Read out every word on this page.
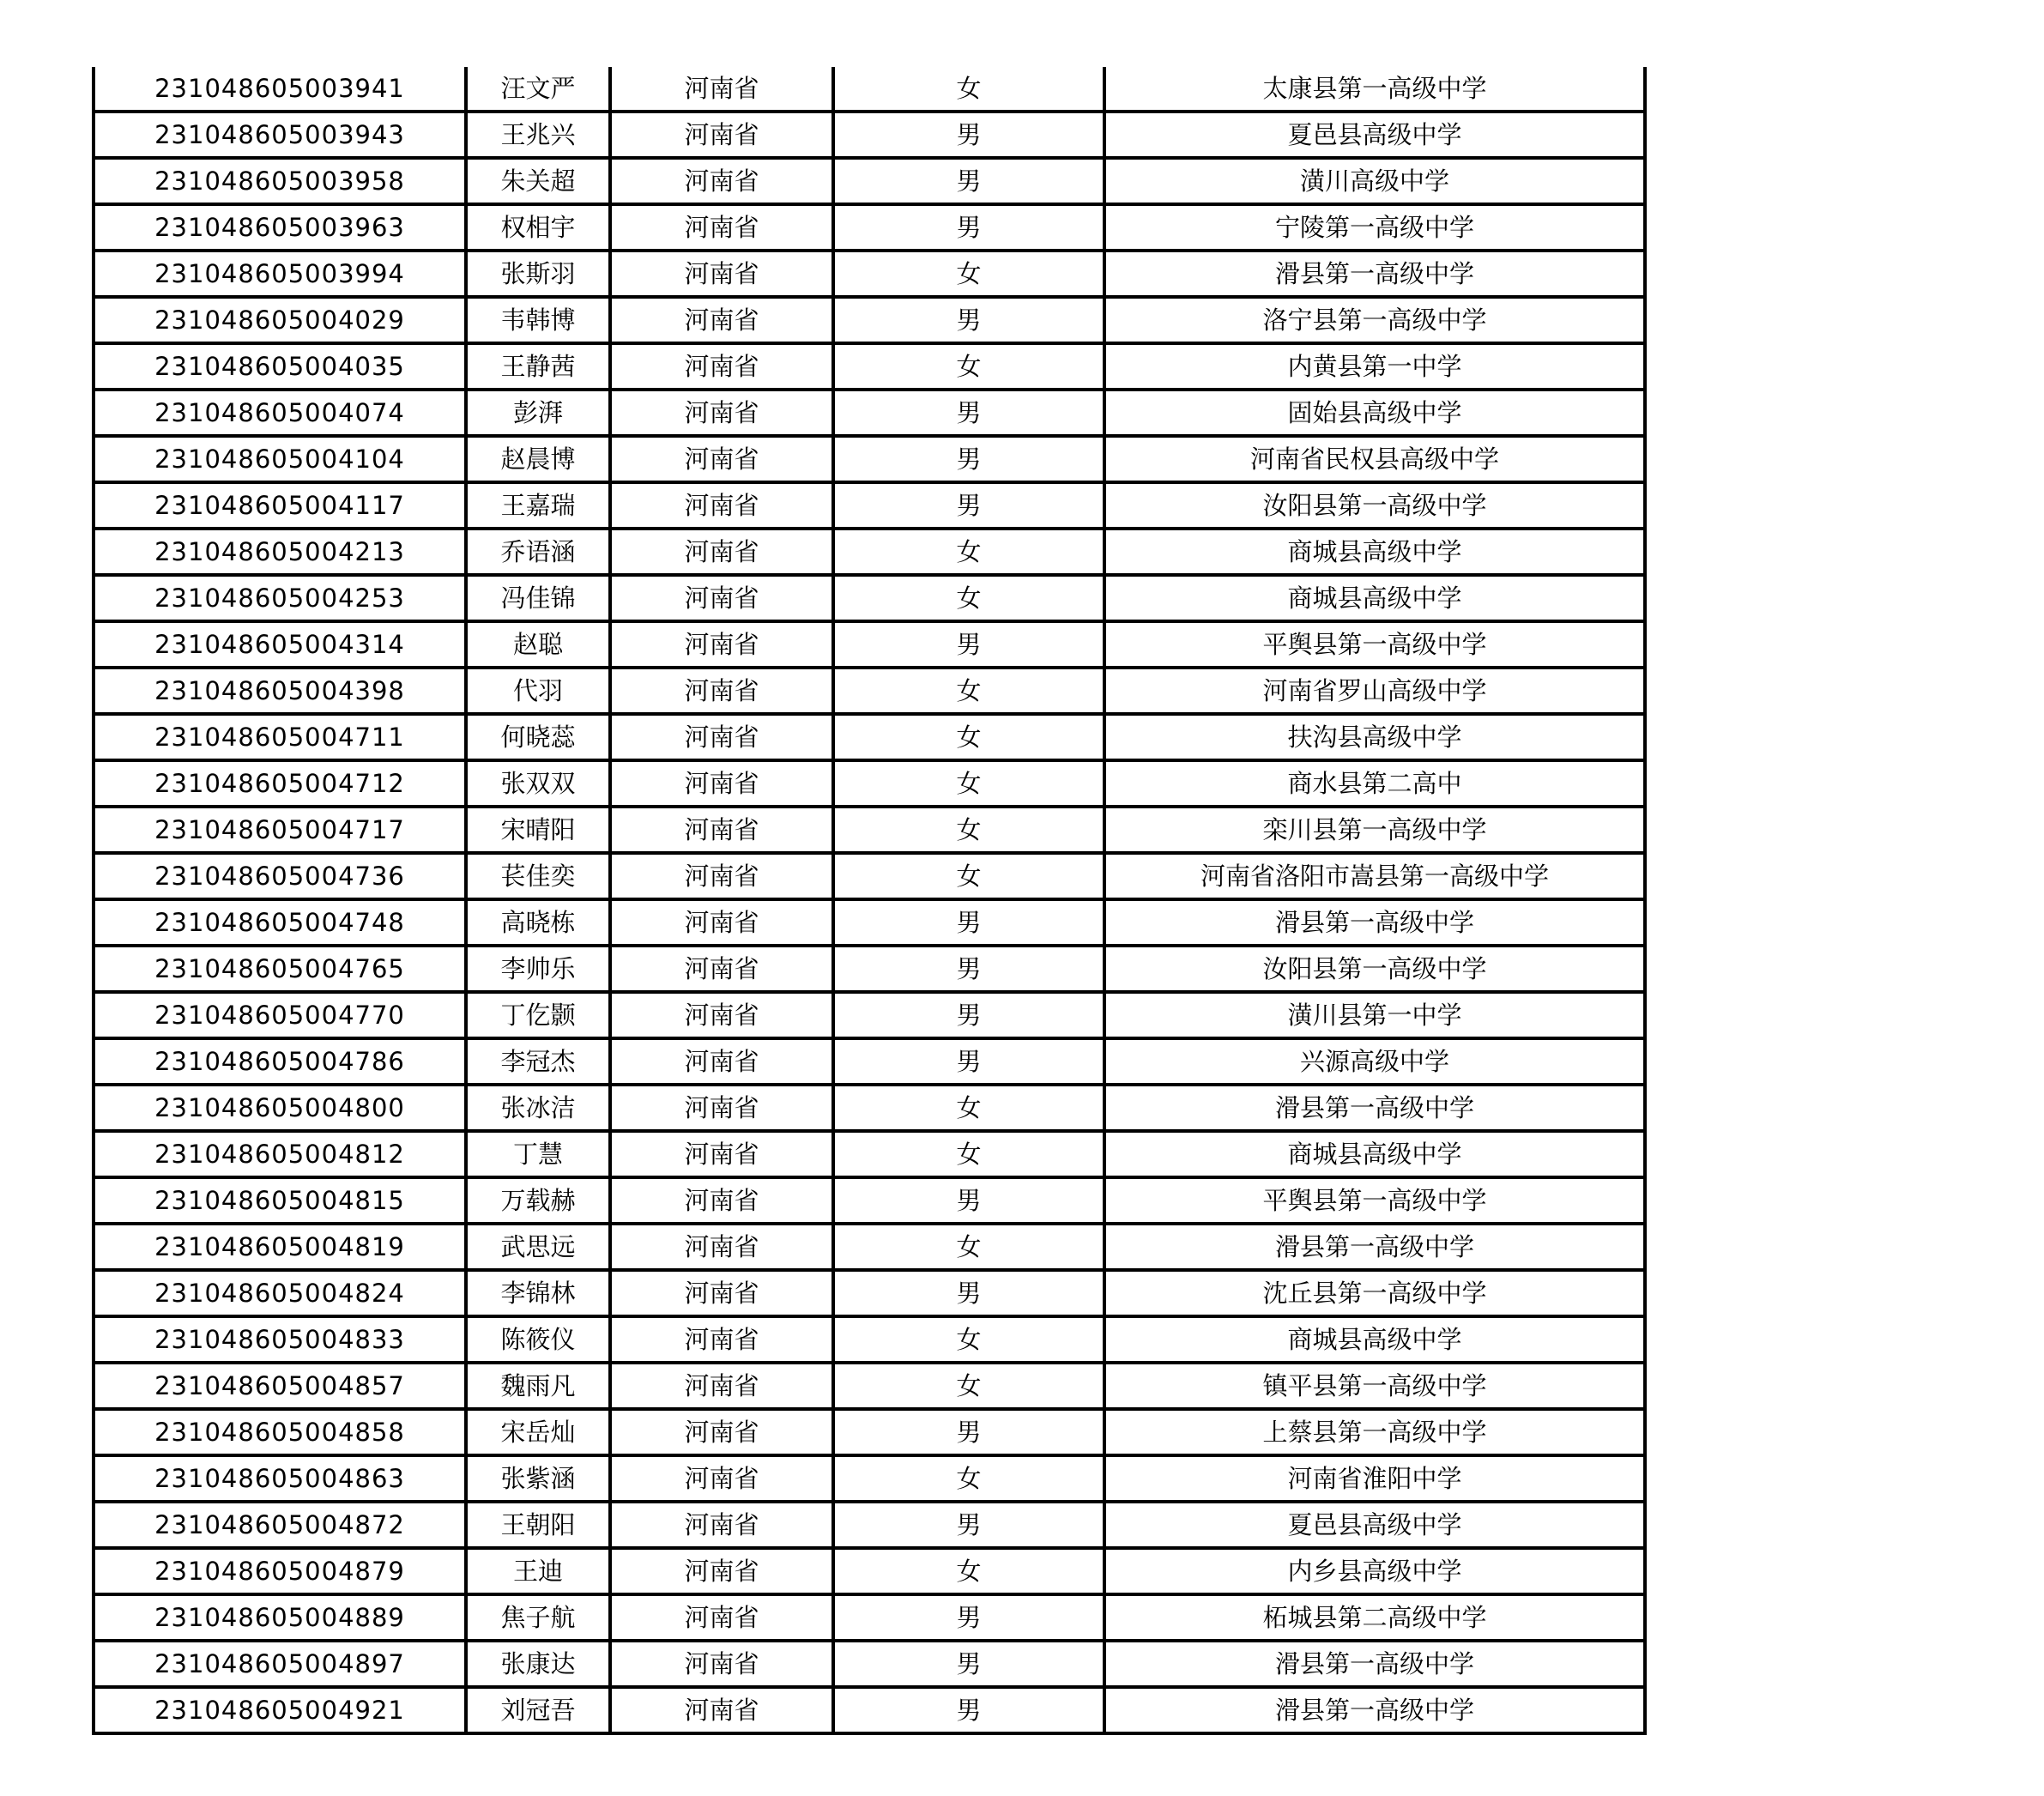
231048605003941	汪文严	河南省	女	太康县第一高级中学
231048605003943	王兆兴	河南省	男	夏邑县高级中学
231048605003958	朱关超	河南省	男	潢川高级中学
231048605003963	权相宇	河南省	男	宁陵第一高级中学
231048605003994	张斯羽	河南省	女	滑县第一高级中学
231048605004029	韦韩博	河南省	男	洛宁县第一高级中学
231048605004035	王静茜	河南省	女	内黄县第一中学
231048605004074	彭湃	河南省	男	固始县高级中学
231048605004104	赵晨博	河南省	男	河南省民权县高级中学
231048605004117	王嘉瑞	河南省	男	汝阳县第一高级中学
231048605004213	乔语涵	河南省	女	商城县高级中学
231048605004253	冯佳锦	河南省	女	商城县高级中学
231048605004314	赵聪	河南省	男	平舆县第一高级中学
231048605004398	代羽	河南省	女	河南省罗山高级中学
231048605004711	何晓蕊	河南省	女	扶沟县高级中学
231048605004712	张双双	河南省	女	商水县第二高中
231048605004717	宋晴阳	河南省	女	栾川县第一高级中学
231048605004736	苌佳奕	河南省	女	河南省洛阳市嵩县第一高级中学
231048605004748	高晓栋	河南省	男	滑县第一高级中学
231048605004765	李帅乐	河南省	男	汝阳县第一高级中学
231048605004770	丁仡颢	河南省	男	潢川县第一中学
231048605004786	李冠杰	河南省	男	兴源高级中学
231048605004800	张冰洁	河南省	女	滑县第一高级中学
231048605004812	丁慧	河南省	女	商城县高级中学
231048605004815	万载赫	河南省	男	平舆县第一高级中学
231048605004819	武思远	河南省	女	滑县第一高级中学
231048605004824	李锦林	河南省	男	沈丘县第一高级中学
231048605004833	陈筱仪	河南省	女	商城县高级中学
231048605004857	魏雨凡	河南省	女	镇平县第一高级中学
231048605004858	宋岳灿	河南省	男	上蔡县第一高级中学
231048605004863	张紫涵	河南省	女	河南省淮阳中学
231048605004872	王朝阳	河南省	男	夏邑县高级中学
231048605004879	王迪	河南省	女	内乡县高级中学
231048605004889	焦子航	河南省	男	柘城县第二高级中学
231048605004897	张康达	河南省	男	滑县第一高级中学
231048605004921	刘冠吾	河南省	男	滑县第一高级中学
